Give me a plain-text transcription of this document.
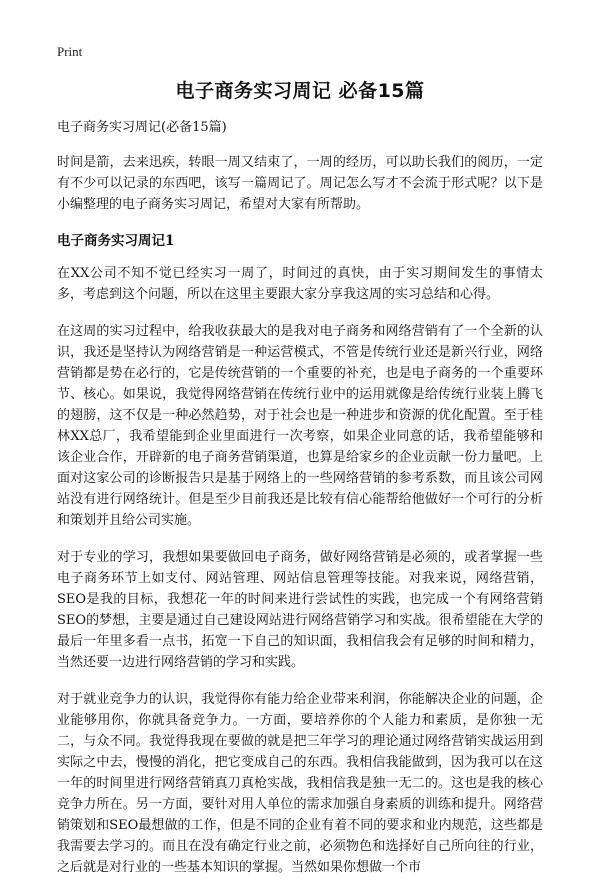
Print
电子商务实习周记 必备15篇
电子商务实习周记(必备15篇)

时间是箭，去来迅疾，转眼一周又结束了，一周的经历，可以助长我们的阅历，一定有不少可以记录的东西吧，该写一篇周记了。周记怎么写才不会流于形式呢？以下是小编整理的电子商务实习周记，希望对大家有所帮助。

电子商务实习周记1

在XX公司不知不觉已经实习一周了，时间过的真快，由于实习期间发生的事情太多，考虑到这个问题，所以在这里主要跟大家分享我这周的实习总结和心得。

在这周的实习过程中，给我收获最大的是我对电子商务和网络营销有了一个全新的认识，我还是坚持认为网络营销是一种运营模式，不管是传统行业还是新兴行业，网络营销都是势在必行的，它是传统营销的一个重要的补充，也是电子商务的一个重要环节、核心。如果说，我觉得网络营销在传统行业中的运用就像是给传统行业装上腾飞的翅膀，这不仅是一种必然趋势，对于社会也是一种进步和资源的优化配置。至于桂林XX总厂，我希望能到企业里面进行一次考察，如果企业同意的话，我希望能够和该企业合作，开辟新的电子商务营销渠道，也算是给家乡的企业贡献一份力量吧。上面对这家公司的诊断报告只是基于网络上的一些网络营销的参考系数，而且该公司网站没有进行网络统计。但是至少目前我还是比较有信心能帮给他做好一个可行的分析和策划并且给公司实施。

对于专业的学习，我想如果要做回电子商务，做好网络营销是必须的，或者掌握一些电子商务环节上如支付、网站管理、网站信息管理等技能。对我来说，网络营销，SEO是我的目标，我想花一年的时间来进行尝试性的实践，也完成一个有网络营销SEO的梦想，主要是通过自己建设网站进行网络营销学习和实战。很希望能在大学的最后一年里多看一点书，拓宽一下自己的知识面，我相信我会有足够的时间和精力，当然还要一边进行网络营销的学习和实践。

对于就业竞争力的认识，我觉得你有能力给企业带来利润，你能解决企业的问题，企业能够用你，你就具备竞争力。一方面，要培养你的个人能力和素质，是你独一无二，与众不同。我觉得我现在要做的就是把三年学习的理论通过网络营销实战运用到实际之中去，慢慢的消化，把它变成自己的东西。我相信我能做到，因为我可以在这一年的时间里进行网络营销真刀真枪实战，我相信我是独一无二的。这也是我的核心竞争力所在。另一方面，要针对用人单位的需求加强自身素质的训练和提升。网络营销策划和SEO最想做的工作，但是不同的企业有着不同的要求和业内规范，这些都是我需要去学习的。而且在没有确定行业之前，必须物色和选择好自己所向往的行业，之后就是对行业的一些基本知识的掌握。当然如果你想做一个市
